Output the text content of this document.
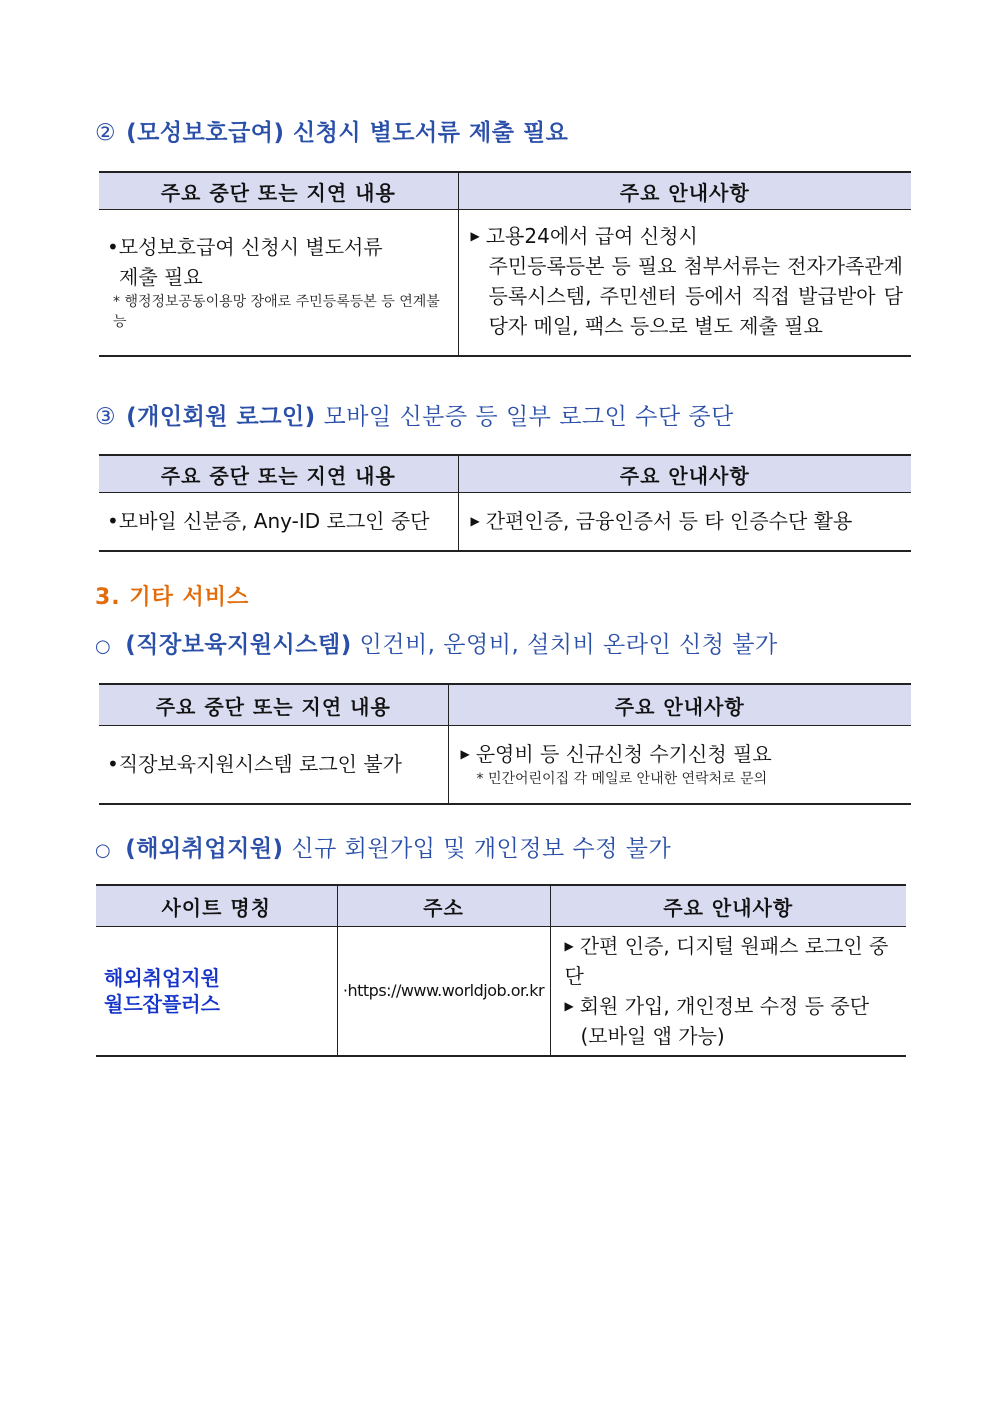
② (모성보호급여) 신청시 별도서류 제출 필요
주요 중단 또는 지연 내용	주요 안내사항

•모성보호급여 신청시 별도서류
제출 필요
* 행정정보공동이용망 장애로 주민등록등본 등 연계불능	▶ 고용24에서 급여 신청시
주민등록등본 등 필요 첨부서류는 전자가족관계등록시스템, 주민센터 등에서 직접 발급받아 담당자 메일, 팩스 등으로 별도 제출 필요
③ (개인회원 로그인) 모바일 신분증 등 일부 로그인 수단 중단
주요 중단 또는 지연 내용	주요 안내사항
•모바일 신분증, Any-ID 로그인 중단	▶ 간편인증, 금융인증서 등 타 인증수단 활용
3. 기타 서비스
○ (직장보육지원시스템) 인건비, 운영비, 설치비 온라인 신청 불가
주요 중단 또는 지연 내용	주요 안내사항
•직장보육지원시스템 로그인 불가	▶ 운영비 등 신규신청 수기신청 필요
* 민간어린이집 각 메일로 안내한 연락처로 문의
○ (해외취업지원) 신규 회원가입 및 개인정보 수정 불가
사이트 명칭	주소	주요 안내사항

해외취업지원
월드잡플러스	·https://www.worldjob.or.kr	▶ 간편 인증, 디지털 원패스 로그인 중단
▶ 회원 가입, 개인정보 수정 등 중단
(모바일 앱 가능)
